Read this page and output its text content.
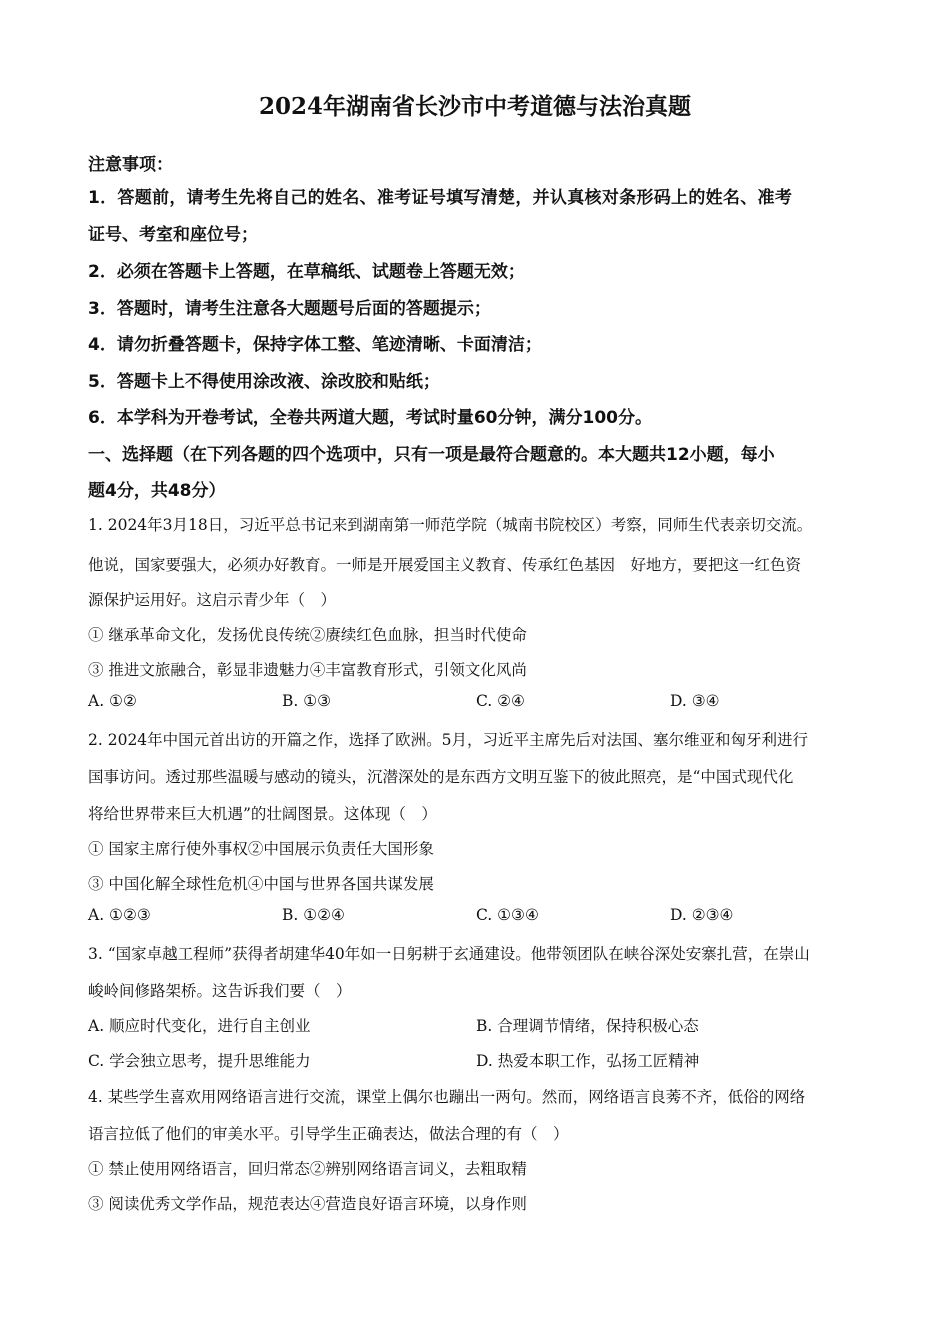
2024年湖南省长沙市中考道德与法治真题
注意事项：
1．答题前，请考生先将自己的姓名、准考证号填写清楚，并认真核对条形码上的姓名、准考
证号、考室和座位号；
2．必须在答题卡上答题，在草稿纸、试题卷上答题无效；
3．答题时，请考生注意各大题题号后面的答题提示；
4．请勿折叠答题卡，保持字体工整、笔迹清晰、卡面清洁；
5．答题卡上不得使用涂改液、涂改胶和贴纸；
6．本学科为开卷考试，全卷共两道大题，考试时量60分钟，满分100分。
一、选择题（在下列各题的四个选项中，只有一项是最符合题意的。本大题共12小题，每小
题4分，共48分）
1. 2024年3月18日，习近平总书记来到湖南第一师范学院（城南书院校区）考察，同师生代表亲切交流。
他说，国家要强大，必须办好教育。一师是开展爱国主义教育、传承红色基因　好地方，要把这一红色资
源保护运用好。这启示青少年（　）
① 继承革命文化，发扬优良传统②赓续红色血脉，担当时代使命
③ 推进文旅融合，彰显非遗魅力④丰富教育形式，引领文化风尚
A. ①②	B. ①③	C. ②④	D. ③④
2. 2024年中国元首出访的开篇之作，选择了欧洲。5月，习近平主席先后对法国、塞尔维亚和匈牙利进行
国事访问。透过那些温暖与感动的镜头，沉潜深处的是东西方文明互鉴下的彼此照亮，是“中国式现代化
将给世界带来巨大机遇”的壮阔图景。这体现（　）
① 国家主席行使外事权②中国展示负责任大国形象
③ 中国化解全球性危机④中国与世界各国共谋发展
A. ①②③	B. ①②④	C. ①③④	D. ②③④
3. “国家卓越工程师”获得者胡建华40年如一日躬耕于玄通建设。他带领团队在峡谷深处安寨扎营，在崇山
峻岭间修路架桥。这告诉我们要（　）
A. 顺应时代变化，进行自主创业	B. 合理调节情绪，保持积极心态
C. 学会独立思考，提升思维能力	D. 热爱本职工作，弘扬工匠精神
4. 某些学生喜欢用网络语言进行交流，课堂上偶尔也蹦出一两句。然而，网络语言良莠不齐，低俗的网络
语言拉低了他们的审美水平。引导学生正确表达，做法合理的有（　）
① 禁止使用网络语言，回归常态②辨别网络语言词义，去粗取精
③ 阅读优秀文学作品，规范表达④营造良好语言环境，以身作则
